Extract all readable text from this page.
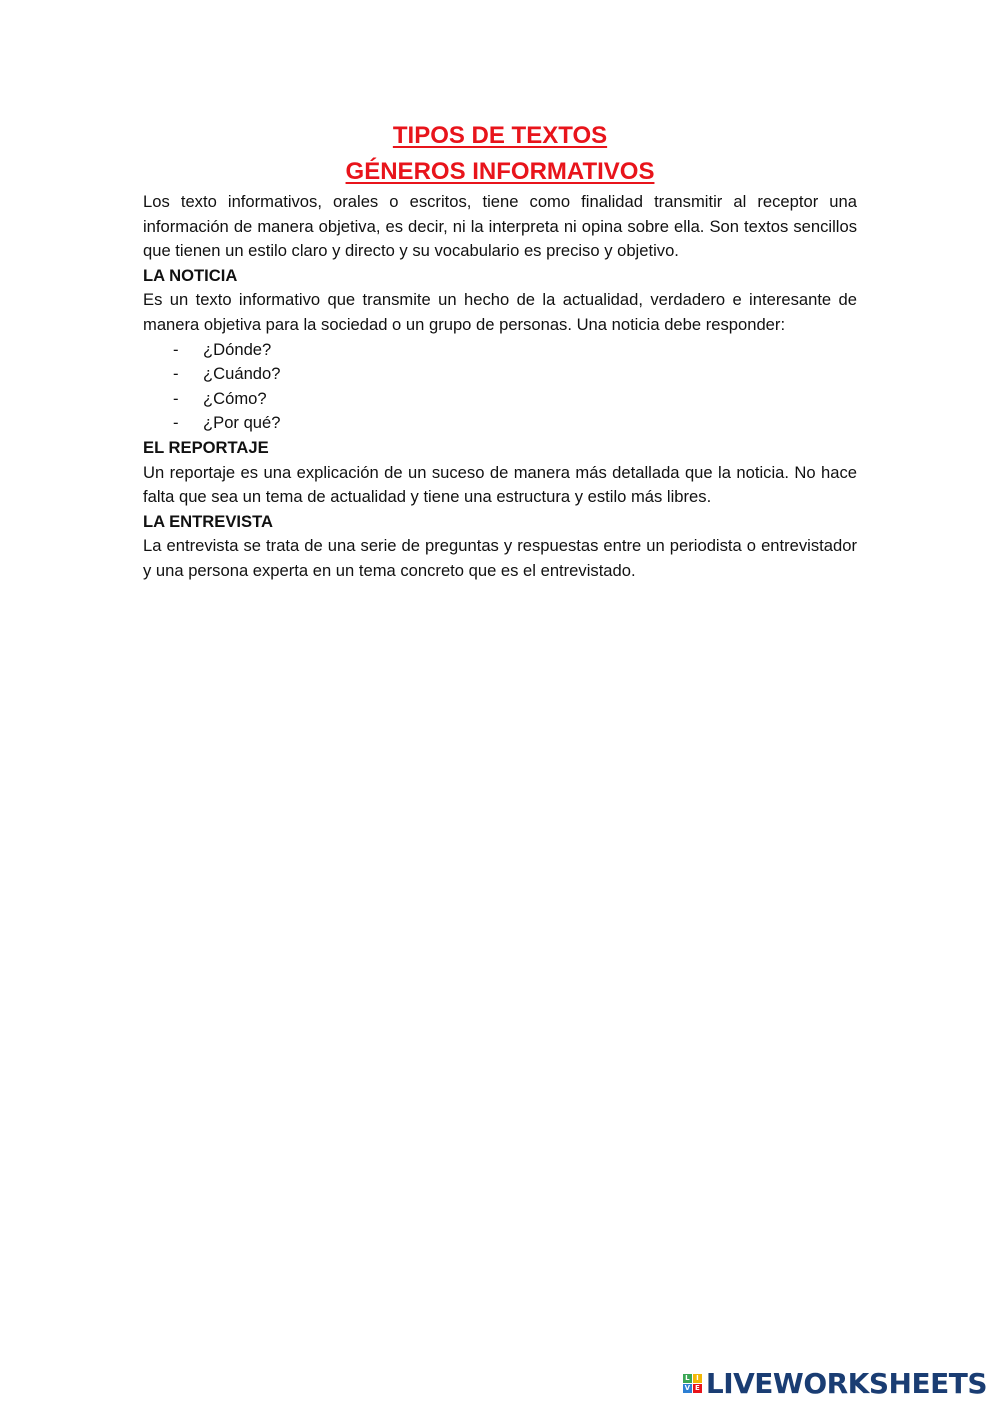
TIPOS DE TEXTOS
GÉNEROS INFORMATIVOS

Los texto informativos, orales o escritos, tiene como finalidad transmitir al receptor una información de manera objetiva, es decir, ni la interpreta ni opina sobre ella. Son textos sencillos que tienen un estilo claro y directo y su vocabulario es preciso y objetivo.

LA NOTICIA

Es un texto informativo que transmite un hecho de la actualidad, verdadero e interesante de manera objetiva para la sociedad o un grupo de personas. Una noticia debe responder:

-	¿Dónde?
-	¿Cuándo?
-	¿Cómo?
-	¿Por qué?
EL REPORTAJE

Un reportaje es una explicación de un suceso de manera más detallada que la noticia. No hace falta que sea un tema de actualidad y tiene una estructura y estilo más libres.

LA ENTREVISTA

La entrevista se trata de una serie de preguntas y respuestas entre un periodista o entrevistador y una persona experta en un tema concreto que es el entrevistado.

L I
V E LIVEWORKSHEETS
